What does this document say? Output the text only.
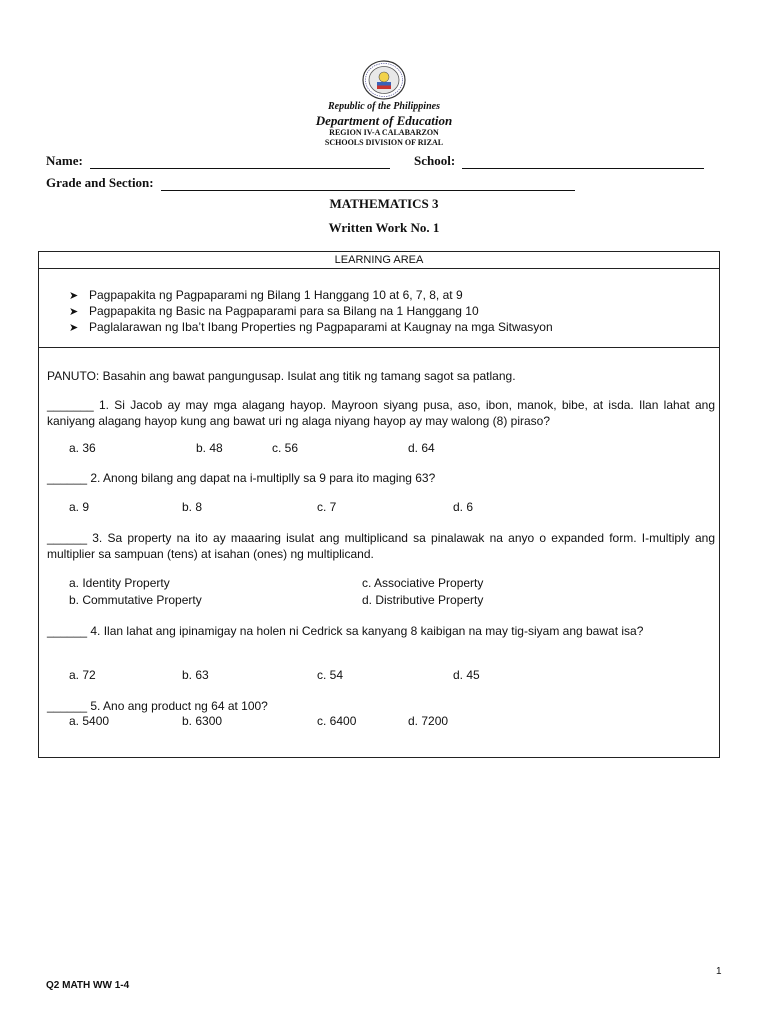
Republic of the Philippines
Department of Education
REGION IV-A CALABARZON
SCHOOLS DIVISION OF RIZAL
Name:	School:
Grade and Section:
MATHEMATICS 3
Written Work No. 1
LEARNING AREA
➤ Pagpapakita ng Pagpaparami ng Bilang 1 Hanggang 10 at 6, 7, 8, at 9
➤ Pagpapakita ng Basic na Pagpaparami para sa Bilang na 1 Hanggang 10
➤ Paglalarawan ng Iba’t Ibang Properties ng Pagpaparami at Kaugnay na mga Sitwasyon
PANUTO: Basahin ang bawat pangungusap. Isulat ang titik ng tamang sagot sa patlang.
_______ 1. Si Jacob ay may mga alagang hayop. Mayroon siyang pusa, aso, ibon, manok, bibe, at isda. Ilan lahat ang kaniyang alagang hayop kung ang bawat uri ng alaga niyang hayop ay may walong (8) piraso?
a. 36	b. 48	c. 56	d. 64
______ 2. Anong bilang ang dapat na i-multiplly sa 9 para ito maging 63?
a. 9	b. 8	c. 7	d. 6
______ 3. Sa property na ito ay maaaring isulat ang multiplicand sa pinalawak na anyo o expanded form. I-multiply ang multiplier sa sampuan (tens) at isahan (ones) ng multiplicand.
a. Identity Property	c. Associative Property
b. Commutative Property	d. Distributive Property
______ 4. Ilan lahat ang ipinamigay na holen ni Cedrick sa kanyang 8 kaibigan na may tig-siyam ang bawat isa?
a. 72	b. 63	c. 54	d. 45
______ 5. Ano ang product ng 64 at 100?
a. 5400	b. 6300	c. 6400	d. 7200
1
Q2 MATH WW 1-4
